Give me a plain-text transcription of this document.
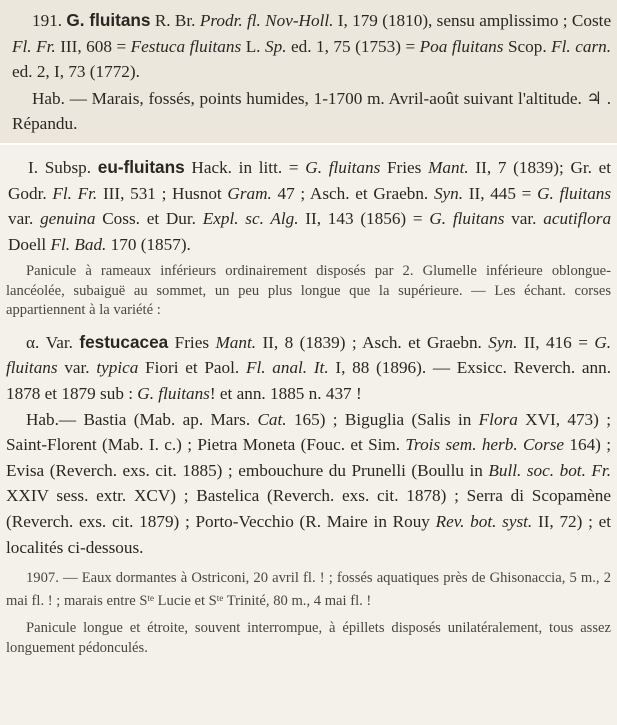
191. G. fluitans R. Br. Prodr. fl. Nov-Holl. I, 179 (1810), sensu amplissimo ; Coste Fl. Fr. III, 608 = Festuca fluitans L. Sp. ed. 1, 75 (1753) = Poa fluitans Scop. Fl. carn. ed. 2, I, 73 (1772).

Hab. — Marais, fossés, points humides, 1-1700 m. Avril-août suivant l'altitude. ♃ . Répandu.

I. Subsp. eu-fluitans Hack. in litt. = G. fluitans Fries Mant. II, 7 (1839); Gr. et Godr. Fl. Fr. III, 531 ; Husnot Gram. 47 ; Asch. et Graebn. Syn. II, 445 = G. fluitans var. genuina Coss. et Dur. Expl. sc. Alg. II, 143 (1856) = G. fluitans var. acutiflora Doell Fl. Bad. 170 (1857).

Panicule à rameaux inférieurs ordinairement disposés par 2. Glumelle inférieure oblongue-lancéolée, subaiguë au sommet, un peu plus longue que la supérieure. — Les échant. corses appartiennent à la variété :

α. Var. festucacea Fries Mant. II, 8 (1839) ; Asch. et Graebn. Syn. II, 416 = G. fluitans var. typica Fiori et Paol. Fl. anal. It. I, 88 (1896). — Exsicc. Reverch. ann. 1878 et 1879 sub : G. fluitans! et ann. 1885 n. 437 !

Hab.— Bastia (Mab. ap. Mars. Cat. 165) ; Biguglia (Salis in Flora XVI, 473) ; Saint-Florent (Mab. I. c.) ; Pietra Moneta (Fouc. et Sim. Trois sem. herb. Corse 164) ; Evisa (Reverch. exs. cit. 1885) ; embouchure du Prunelli (Boullu in Bull. soc. bot. Fr. XXIV sess. extr. XCV) ; Bastelica (Reverch. exs. cit. 1878) ; Serra di Scopamène (Reverch. exs. cit. 1879) ; Porto-Vecchio (R. Maire in Rouy Rev. bot. syst. II, 72) ; et localités ci-dessous.

1907. — Eaux dormantes à Ostriconi, 20 avril fl. ! ; fossés aquatiques près de Ghisonaccia, 5 m., 2 mai fl. ! ; marais entre $S^{te}$ Lucie et $S^{te}$ Trinité, 80 m., 4 mai fl. !

Panicule longue et étroite, souvent interrompue, à épillets disposés unilatéralement, tous assez longuement pédonculés.
